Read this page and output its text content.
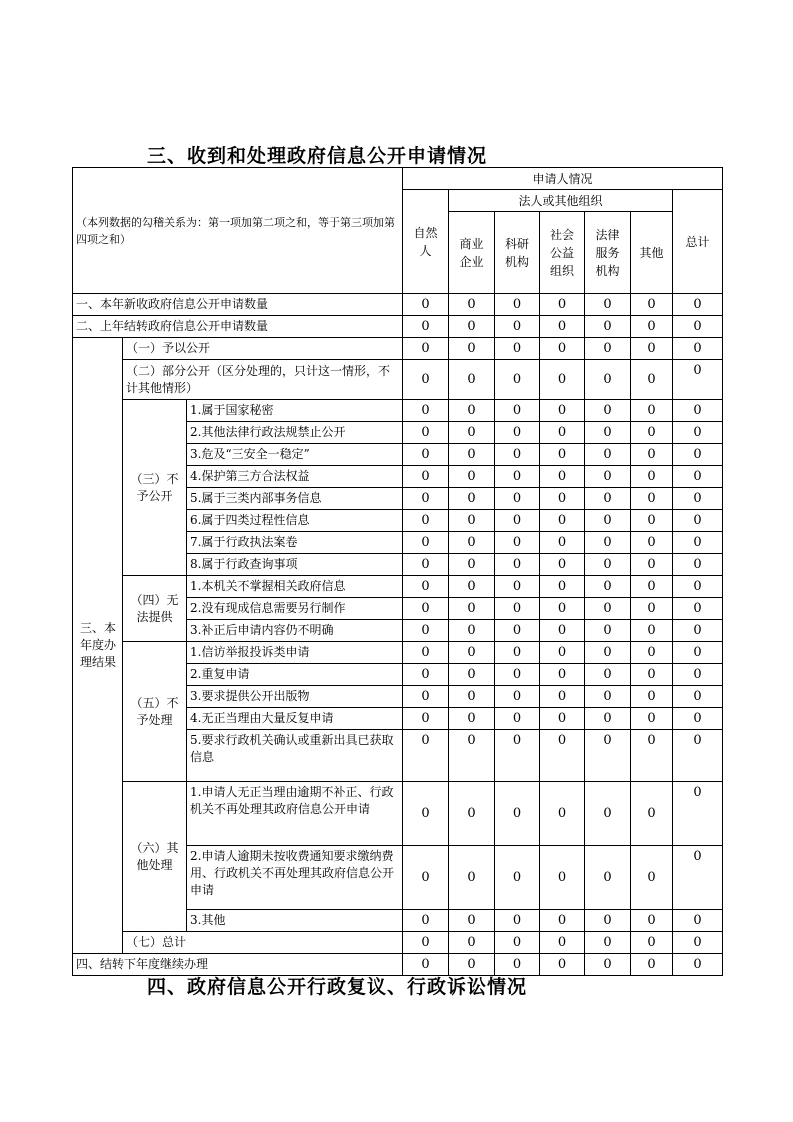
三、收到和处理政府信息公开申请情况
（本列数据的勾稽关系为：第一项加第二项之和，等于第三项加第四项之和）			申请人情况						

			自然人	法人或其他组织					总计

				商业企业	科研机构	社会公益组织	法律服务机构	其他	
一、本年新收政府信息公开申请数量			0	0	0	0	0	0	0
二、上年结转政府信息公开申请数量			0	0	0	0	0	0	0

三、本年度办理结果	（一）予以公开		0	0	0	0	0	0	0
	（二）部分公开（区分处理的，只计这一情形，不计其他情形）		0	0	0	0	0	0	0

	（三）不予公开	1.属于国家秘密	0	0	0	0	0	0	0
		2.其他法律行政法规禁止公开	0	0	0	0	0	0	0
		3.危及“三安全一稳定”	0	0	0	0	0	0	0
		4.保护第三方合法权益	0	0	0	0	0	0	0
		5.属于三类内部事务信息	0	0	0	0	0	0	0
		6.属于四类过程性信息	0	0	0	0	0	0	0
		7.属于行政执法案卷	0	0	0	0	0	0	0
		8.属于行政查询事项	0	0	0	0	0	0	0

	（四）无法提供	1.本机关不掌握相关政府信息	0	0	0	0	0	0	0
		2.没有现成信息需要另行制作	0	0	0	0	0	0	0
		3.补正后申请内容仍不明确	0	0	0	0	0	0	0

	（五）不予处理	1.信访举报投诉类申请	0	0	0	0	0	0	0
		2.重复申请	0	0	0	0	0	0	0
		3.要求提供公开出版物	0	0	0	0	0	0	0
		4.无正当理由大量反复申请	0	0	0	0	0	0	0
		5.要求行政机关确认或重新出具已获取信息	0	0	0	0	0	0	0

	（六）其他处理	1.申请人无正当理由逾期不补正、行政机关不再处理其政府信息公开申请	0	0	0	0	0	0	0
		2.申请人逾期未按收费通知要求缴纳费用、行政机关不再处理其政府信息公开申请	0	0	0	0	0	0	0
		3.其他	0	0	0	0	0	0	0
	（七）总计		0	0	0	0	0	0	0
四、结转下年度继续办理			0	0	0	0	0	0	0
四、政府信息公开行政复议、行政诉讼情况
